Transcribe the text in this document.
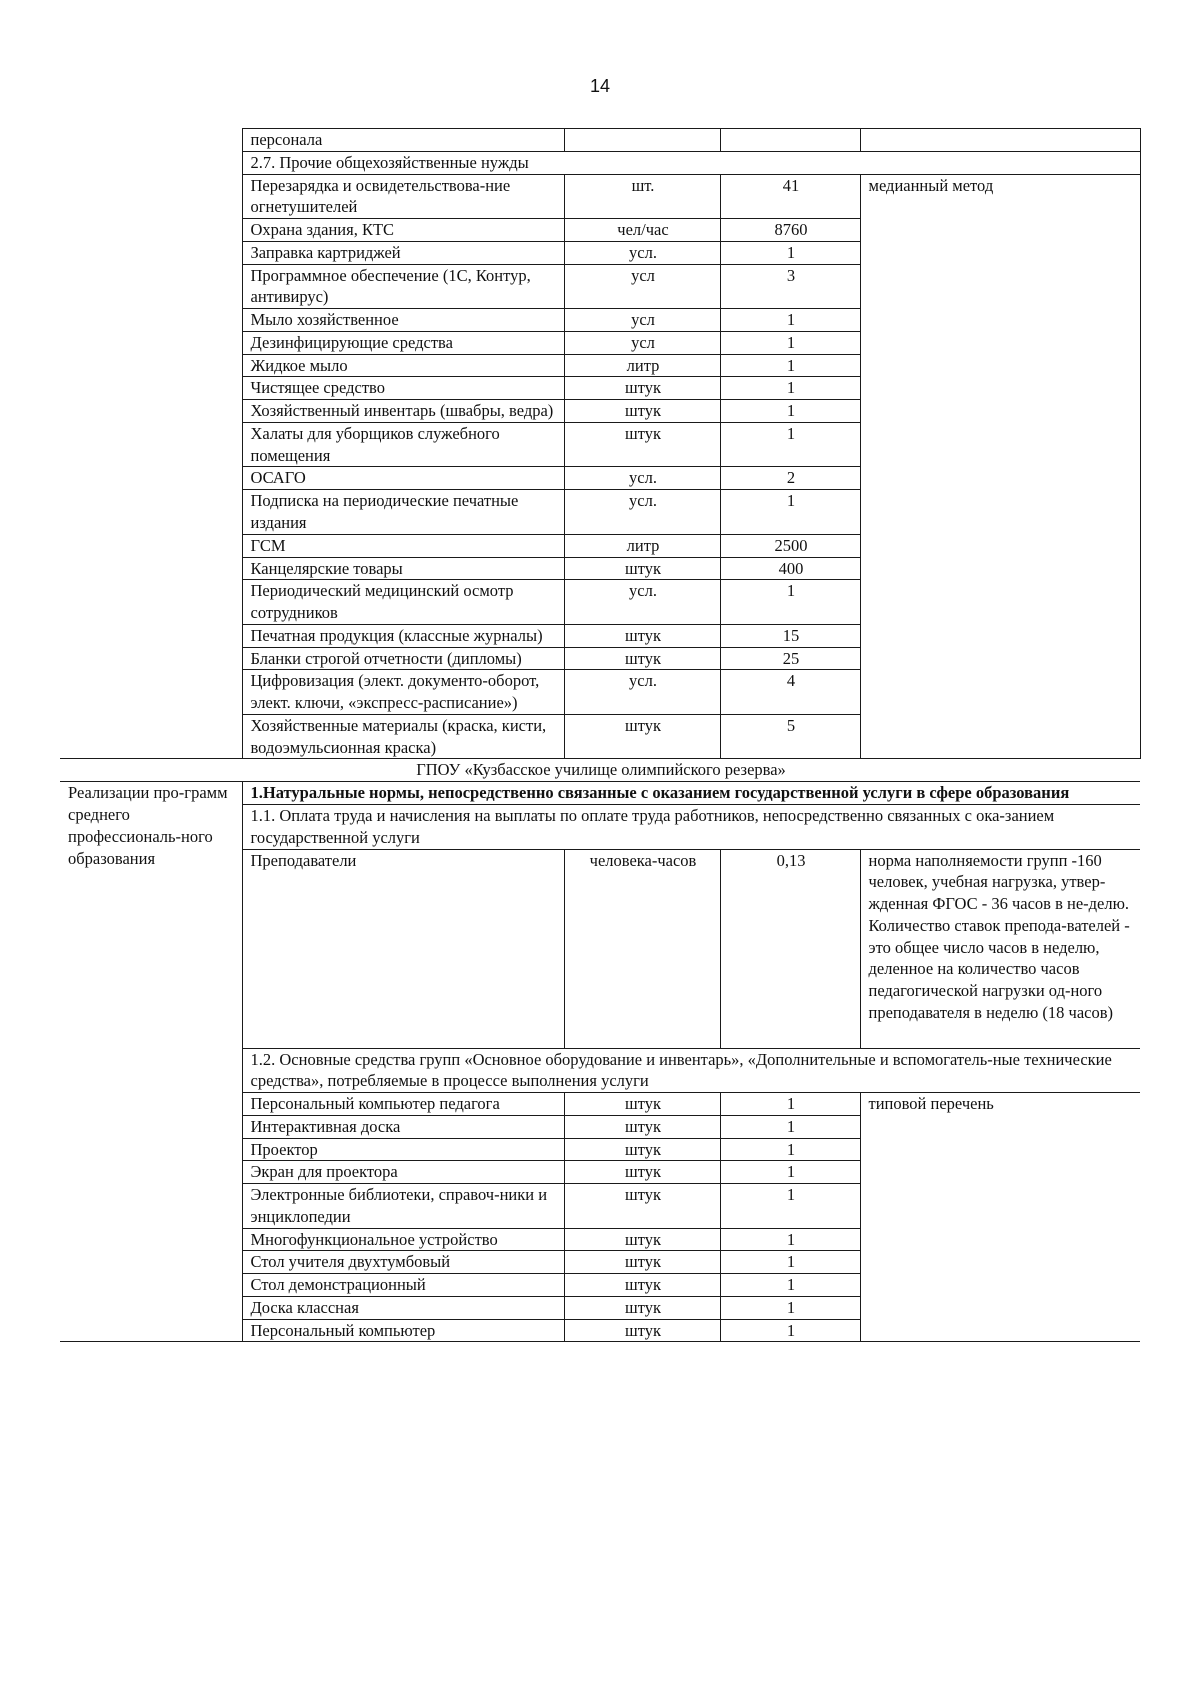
14
	персонала			
	2.7. Прочие общехозяйственные нужды			
	Перезарядка и освидетельствова-ние огнетушителей	шт.	41	медианный метод
	Охрана здания, КТС	чел/час	8760	
	Заправка картриджей	усл.	1	
	Программное обеспечение (1С, Контур, антивирус)	усл	3	
	Мыло хозяйственное	усл	1	
	Дезинфицирующие средства	усл	1	
	Жидкое мыло	литр	1	
	Чистящее средство	штук	1	
	Хозяйственный инвентарь (швабры, ведра)	штук	1	
	Халаты для уборщиков служебного помещения	штук	1	
	ОСАГО	усл.	2	
	Подписка на периодические печатные издания	усл.	1	
	ГСМ	литр	2500	
	Канцелярские товары	штук	400	
	Периодический медицинский осмотр сотрудников	усл.	1	
	Печатная продукция (классные журналы)	штук	15	
	Бланки строгой отчетности (дипломы)	штук	25	
	Цифровизация (элект. документо-оборот, элект. ключи, «экспресс-расписание»)	усл.	4	
	Хозяйственные материалы (краска, кисти, водоэмульсионная краска)	штук	5	
ГПОУ «Кузбасское училище олимпийского резерва»				
Реализации про-грамм среднего профессиональ-ного образования	1.Натуральные нормы, непосредственно связанные с оказанием государственной услуги в сфере образования			
	1.1. Оплата труда и начисления на выплаты по оплате труда работников, непосредственно связанных с ока-занием государственной услуги			
	Преподаватели	человека-часов	0,13	норма наполняемости групп -160 человек, учебная нагрузка, утвер-жденная ФГОС - 36 часов в не-делю. Количество ставок препода-вателей - это общее число часов в неделю, деленное на количество часов педагогической нагрузки од-ного преподавателя в неделю (18 часов)
	1.2. Основные средства групп «Основное оборудование и инвентарь», «Дополнительные и вспомогатель-ные технические средства», потребляемые в процессе выполнения услуги			
	Персональный компьютер педагога	штук	1	типовой перечень
	Интерактивная доска	штук	1	
	Проектор	штук	1	
	Экран для проектора	штук	1	
	Электронные библиотеки, справоч-ники и энциклопедии	штук	1	
	Многофункциональное устройство	штук	1	
	Стол учителя двухтумбовый	штук	1	
	Стол демонстрационный	штук	1	
	Доска классная	штук	1	
	Персональный компьютер	штук	1	
